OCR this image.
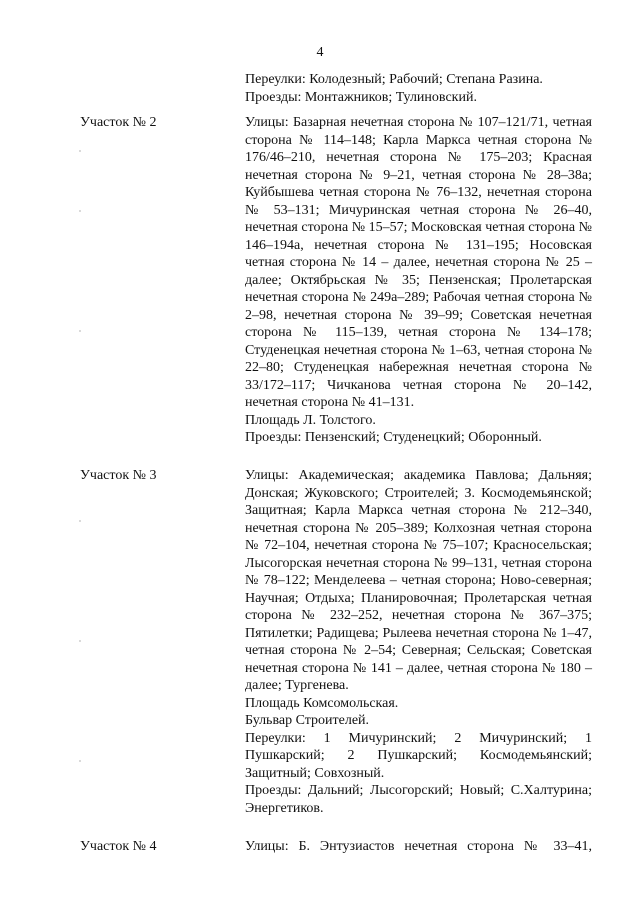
4
Переулки: Колодезный; Рабочий; Степана Разина.
Проезды: Монтажников; Тулиновский.
Участок № 2	Улицы: Базарная нечетная сторона № 107–121/71, четная сторона № 114–148; Карла Маркса четная сторона № 176/46–210, нечетная сторона № 175–203; Красная нечетная сторона № 9–21, четная сторона № 28–38а; Куйбышева четная сторона № 76–132, нечетная сторона № 53–131; Мичуринская четная сторона № 26–40, нечетная сторона № 15–57; Московская четная сторона № 146–194а, нечетная сторона № 131–195; Носовская четная сторона № 14 – далее, нечетная сторона № 25 – далее; Октябрьская № 35; Пензенская; Пролетарская нечетная сторона № 249а–289; Рабочая четная сторона № 2–98, нечетная сторона № 39–99; Советская нечетная сторона № 115–139, четная сторона № 134–178; Студенецкая нечетная сторона № 1–63, четная сторона № 22–80; Студенецкая набережная нечетная сторона № 33/172–117; Чичканова четная сторона № 20–142, нечетная сторона № 41–131.
Площадь Л. Толстого.
Проезды: Пензенский; Студенецкий; Оборонный.
Участок № 3	Улицы: Академическая; академика Павлова; Дальняя; Донская; Жуковского; Строителей; З. Космодемьянской; Защитная; Карла Маркса четная сторона № 212–340, нечетная сторона № 205–389; Колхозная четная сторона № 72–104, нечетная сторона № 75–107; Красносельская; Лысогорская нечетная сторона № 99–131, четная сторона № 78–122; Менделеева – четная сторона; Ново-северная; Научная; Отдыха; Планировочная; Пролетарская четная сторона № 232–252, нечетная сторона № 367–375; Пятилетки; Радищева; Рылеева нечетная сторона № 1–47, четная сторона № 2–54; Северная; Сельская; Советская нечетная сторона № 141 – далее, четная сторона № 180 – далее; Тургенева.
Площадь Комсомольская.
Бульвар Строителей.
Переулки: 1 Мичуринский; 2 Мичуринский; 1 Пушкарский; 2 Пушкарский; Космодемьянский; Защитный; Совхозный.
Проезды: Дальний; Лысогорский; Новый; С.Халтурина; Энергетиков.
Участок № 4	Улицы: Б. Энтузиастов нечетная сторона № 33–41,
